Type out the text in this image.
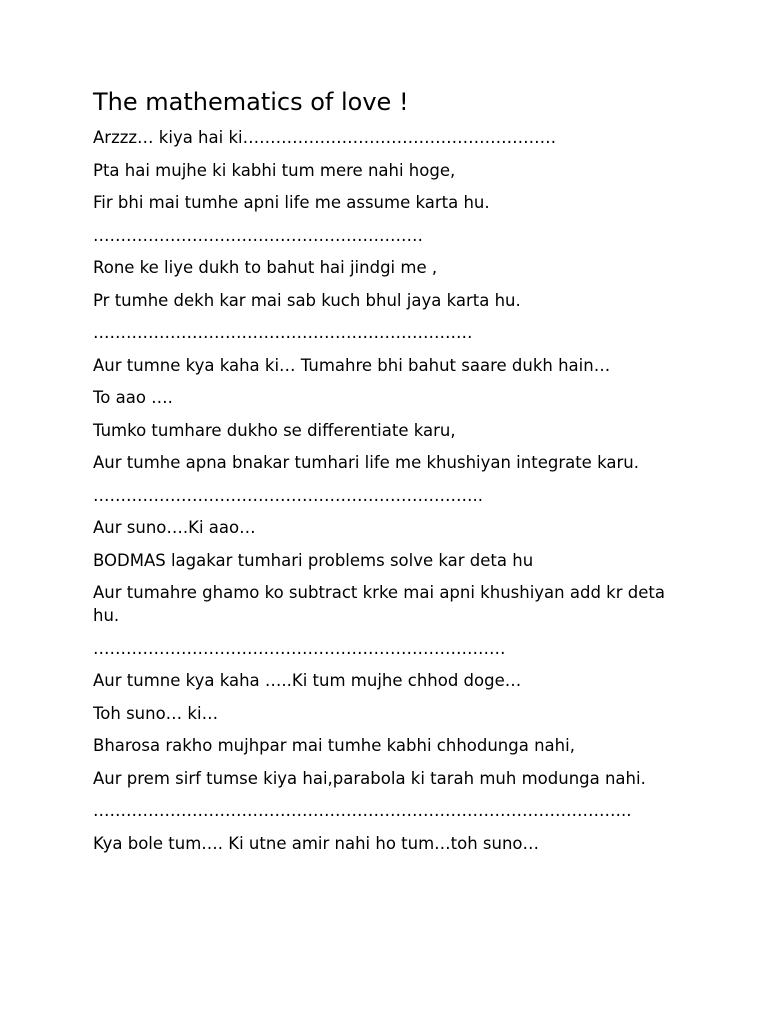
The mathematics of love !
Arzzz… kiya hai ki…………………………………………………
Pta hai mujhe ki kabhi tum mere nahi hoge,
Fir bhi mai tumhe apni life me assume karta hu.
……………………………………………………
Rone ke liye dukh to bahut hai jindgi me ,
Pr tumhe dekh kar mai sab kuch bhul jaya karta hu.
……………………………………………………………
Aur tumne kya kaha ki… Tumahre bhi bahut saare dukh hain…
To aao ….
Tumko tumhare dukho se differentiate karu,
Aur tumhe apna bnakar tumhari life me khushiyan integrate karu.
……………………………………………………………..
Aur suno….Ki aao…
BODMAS lagakar tumhari problems solve kar deta hu
Aur tumahre ghamo ko subtract krke mai apni khushiyan add kr deta hu.
…………………………………………………………………
Aur tumne kya kaha …..Ki tum mujhe chhod doge…
Toh suno… ki…
Bharosa rakho mujhpar mai tumhe kabhi chhodunga nahi,
Aur prem sirf tumse kiya hai,parabola ki tarah muh modunga nahi.
……………………………………………………………………………………..
Kya bole tum…. Ki utne amir nahi ho tum…toh suno…
